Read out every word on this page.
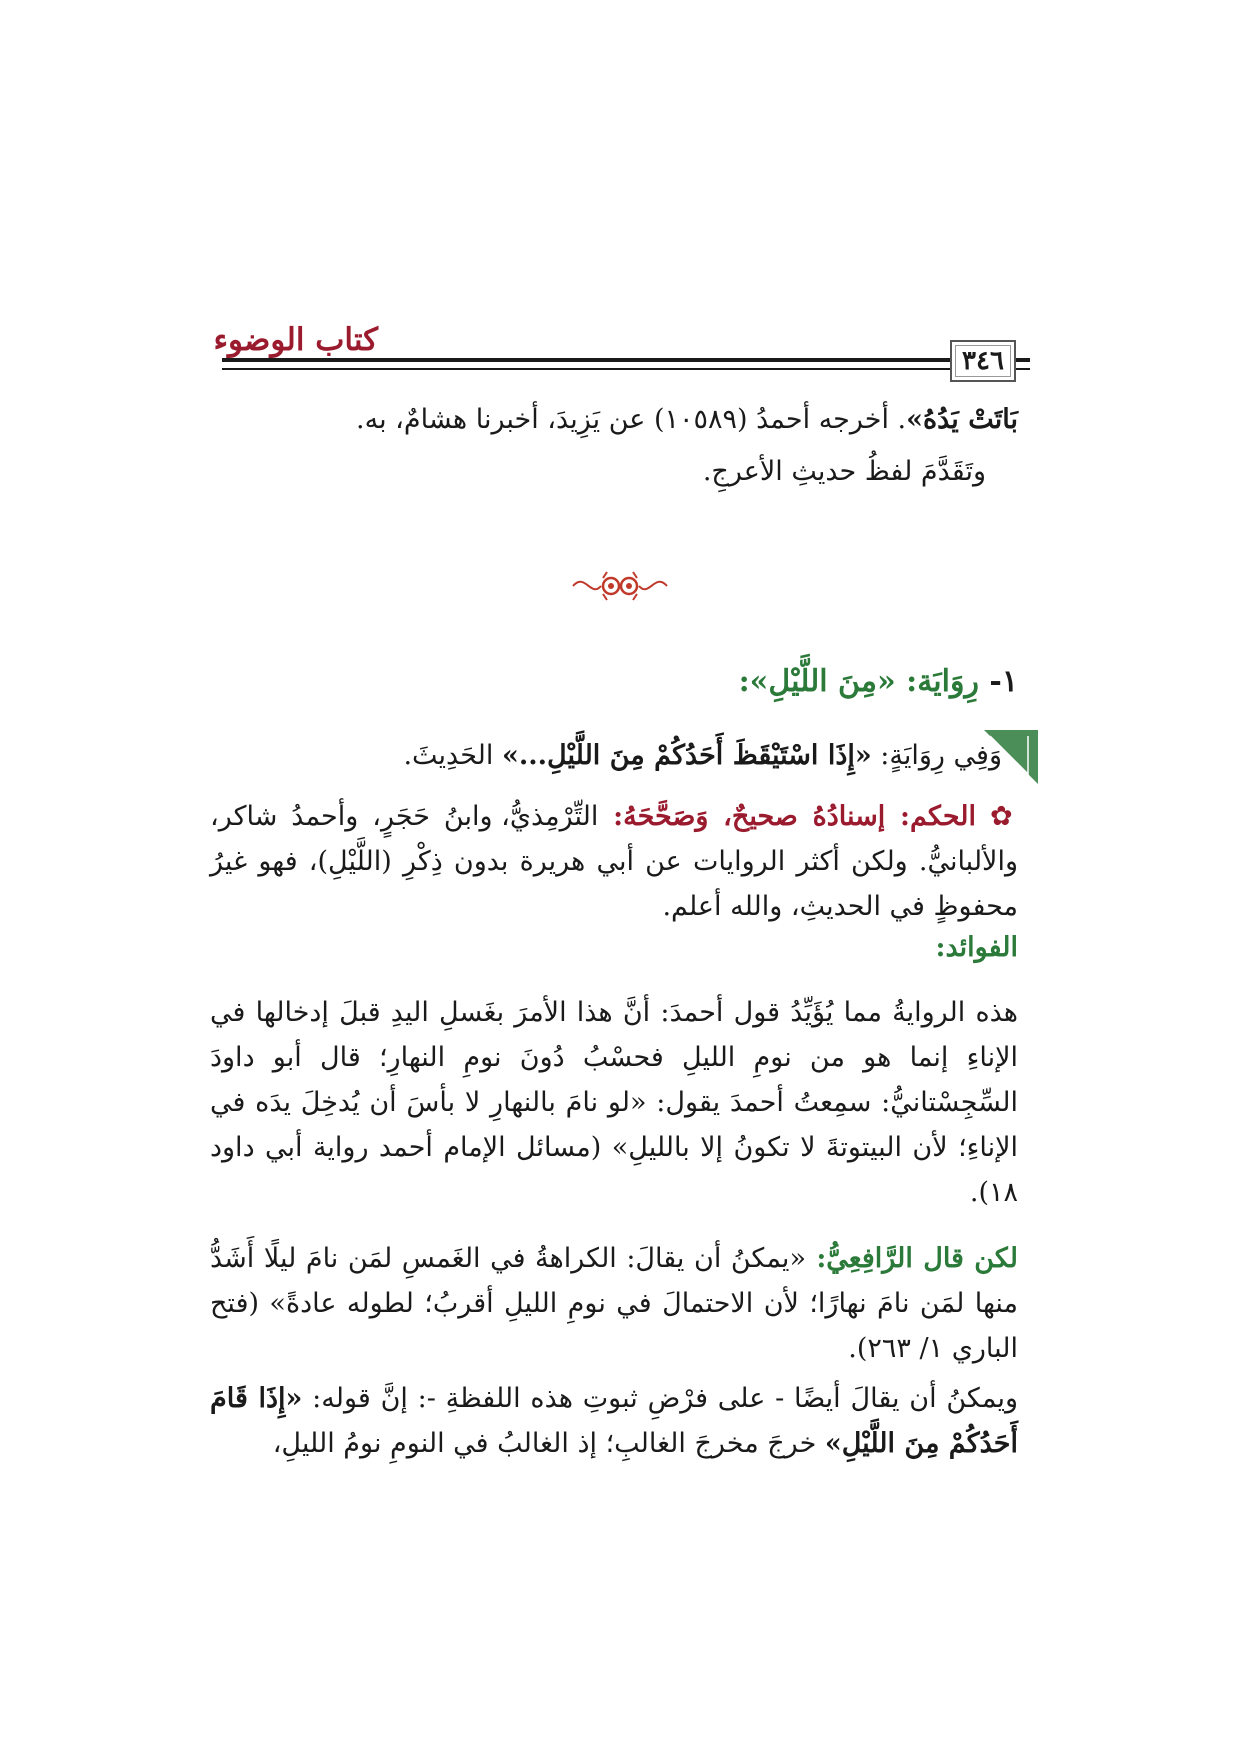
كتاب الوضوء
٣٤٦
بَاتَتْ يَدُهُ». أخرجه أحمدُ (١٠٥٨٩) عن يَزِيدَ، أخبرنا هشامٌ، به.
وتَقَدَّمَ لفظُ حديثِ الأعرجِ.
١- رِوَايَة: «مِنَ اللَّيْلِ»:
وَفِي رِوَايَةٍ: «إِذَا اسْتَيْقَظَ أَحَدُكُمْ مِنَ اللَّيْلِ...» الحَدِيثَ.
✿ الحكم: إسنادُهُ صحيحٌ، وَصَحَّحَهُ: التِّرْمِذيُّ، وابنُ حَجَرٍ، وأحمدُ شاكر، والألبانيُّ. ولكن أكثر الروايات عن أبي هريرة بدون ذِكْرِ (اللَّيْلِ)، فهو غيرُ محفوظٍ في الحديثِ، والله أعلم.
الفوائد:
هذه الروايةُ مما يُؤَيِّدُ قول أحمدَ: أنَّ هذا الأمرَ بغَسلِ اليدِ قبلَ إدخالها في الإناءِ إنما هو من نومِ الليلِ فحسْبُ دُونَ نومِ النهارِ؛ قال أبو داودَ السِّجِسْتانيُّ: سمِعتُ أحمدَ يقول: «لو نامَ بالنهارِ لا بأسَ أن يُدخِلَ يدَه في الإناءِ؛ لأن البيتوتةَ لا تكونُ إلا بالليلِ» (مسائل الإمام أحمد رواية أبي داود ١٨).
لكن قال الرَّافِعِيُّ: «يمكنُ أن يقالَ: الكراهةُ في الغَمسِ لمَن نامَ ليلًا أَشَدُّ منها لمَن نامَ نهارًا؛ لأن الاحتمالَ في نومِ الليلِ أقربُ؛ لطوله عادةً» (فتح الباري ١/ ٢٦٣).
ويمكنُ أن يقالَ أيضًا - على فرْضِ ثبوتِ هذه اللفظةِ -: إنَّ قوله: «إِذَا قَامَ أَحَدُكُمْ مِنَ اللَّيْلِ» خرجَ مخرجَ الغالبِ؛ إذ الغالبُ في النومِ نومُ الليلِ،
